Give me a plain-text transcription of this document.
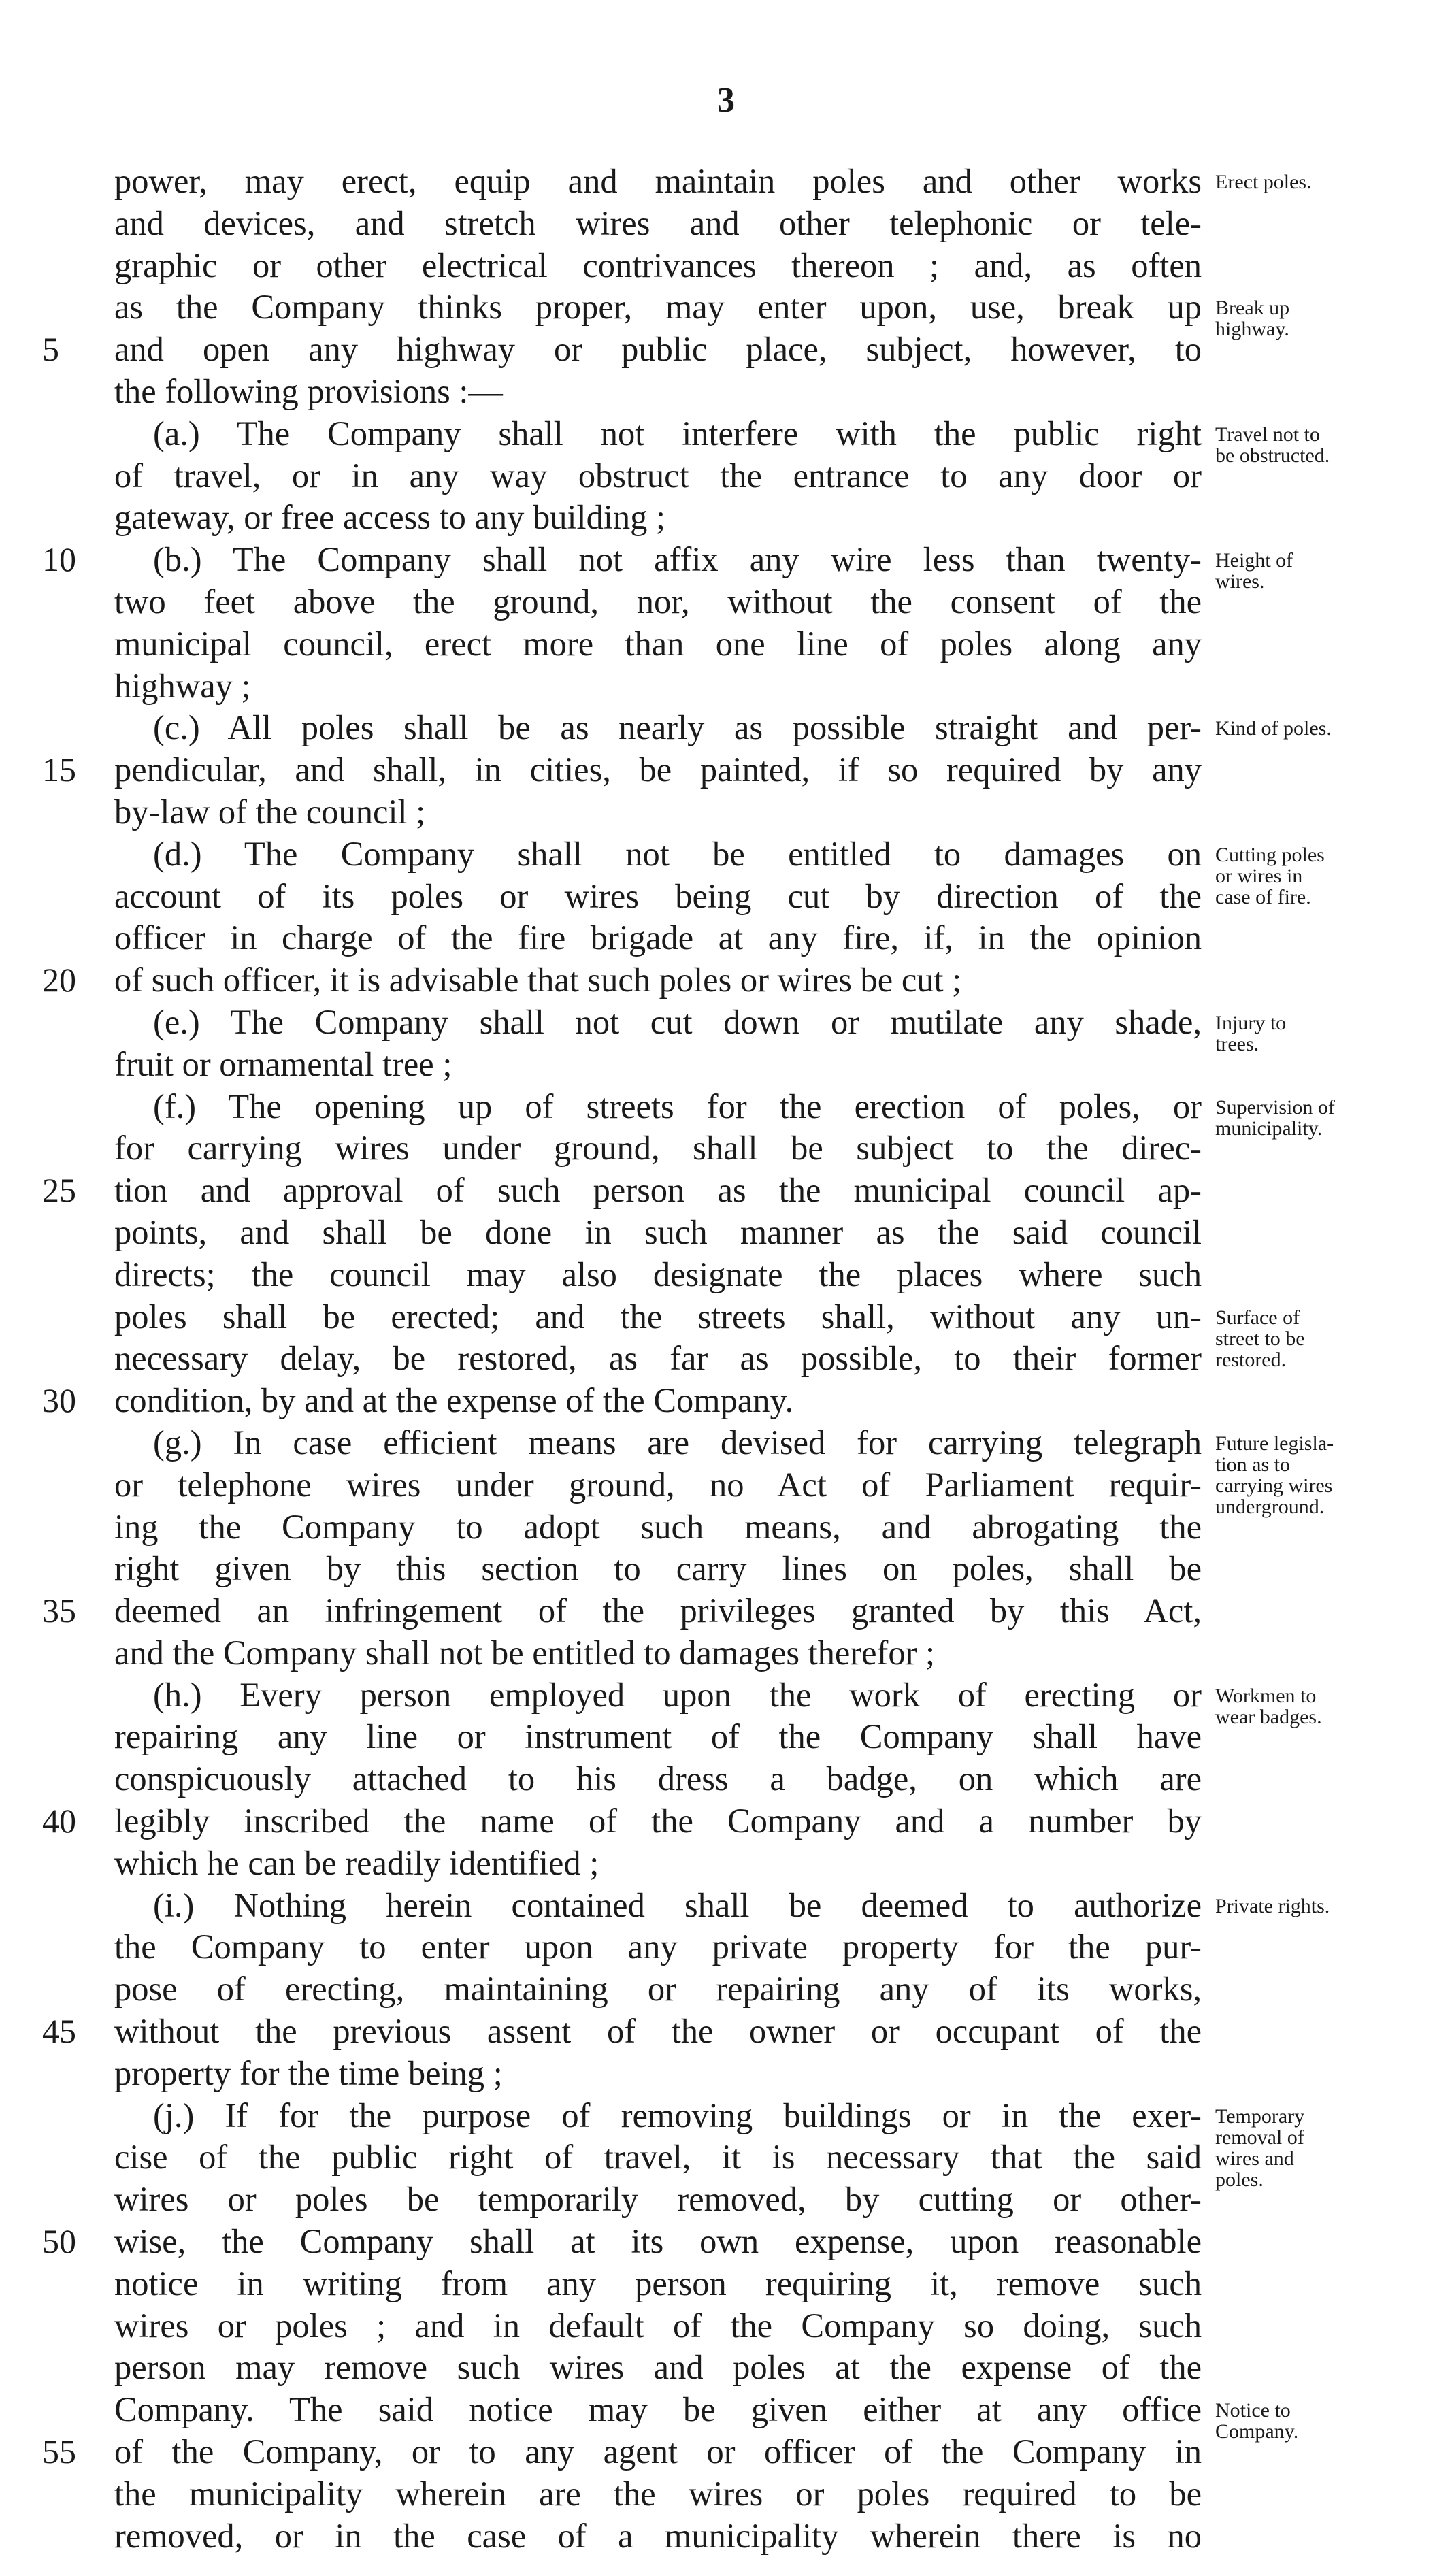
3
power, may erect, equip and maintain poles and other works
and devices, and stretch wires and other telephonic or tele-
graphic or other electrical contrivances thereon ; and, as often
as the Company thinks proper, may enter upon, use, break up
5	and open any highway or public place, subject, however, to
the following provisions :—
(a.) The Company shall not interfere with the public right
of travel, or in any way obstruct the entrance to any door or
gateway, or free access to any building ;
10	(b.) The Company shall not affix any wire less than twenty-
two feet above the ground, nor, without the consent of the
municipal council, erect more than one line of poles along any
highway ;
(c.) All poles shall be as nearly as possible straight and per-
15	pendicular, and shall, in cities, be painted, if so required by any
by-law of the council ;
(d.) The Company shall not be entitled to damages on
account of its poles or wires being cut by direction of the
officer in charge of the fire brigade at any fire, if, in the opinion
20	of such officer, it is advisable that such poles or wires be cut ;
(e.) The Company shall not cut down or mutilate any shade,
fruit or ornamental tree ;
(f.) The opening up of streets for the erection of poles, or
for carrying wires under ground, shall be subject to the direc-
25	tion and approval of such person as the municipal council ap-
points, and shall be done in such manner as the said council
directs; the council may also designate the places where such
poles shall be erected; and the streets shall, without any un-
necessary delay, be restored, as far as possible, to their former
30	condition, by and at the expense of the Company.
(g.) In case efficient means are devised for carrying telegraph
or telephone wires under ground, no Act of Parliament requir-
ing the Company to adopt such means, and abrogating the
right given by this section to carry lines on poles, shall be
35	deemed an infringement of the privileges granted by this Act,
and the Company shall not be entitled to damages therefor ;
(h.) Every person employed upon the work of erecting or
repairing any line or instrument of the Company shall have
conspicuously attached to his dress a badge, on which are
40	legibly inscribed the name of the Company and a number by
which he can be readily identified ;
(i.) Nothing herein contained shall be deemed to authorize
the Company to enter upon any private property for the pur-
pose of erecting, maintaining or repairing any of its works,
45	without the previous assent of the owner or occupant of the
property for the time being ;
(j.) If for the purpose of removing buildings or in the exer-
cise of the public right of travel, it is necessary that the said
wires or poles be temporarily removed, by cutting or other-
50	wise, the Company shall at its own expense, upon reasonable
notice in writing from any person requiring it, remove such
wires or poles ; and in default of the Company so doing, such
person may remove such wires and poles at the expense of the
Company. The said notice may be given either at any office
55	of the Company, or to any agent or officer of the Company in
the municipality wherein are the wires or poles required to be
removed, or in the case of a municipality wherein there is no
Erect poles.
Break up
highway.
Travel not to
be obstructed.
Height of
wires.
Kind of poles.
Cutting poles
or wires in
case of fire.
Injury to
trees.
Supervision of
municipality.
Surface of
street to be
restored.
Future legisla-
tion as to
carrying wires
underground.
Workmen to
wear badges.
Private rights.
Temporary
removal of
wires and
poles.
Notice to
Company.
